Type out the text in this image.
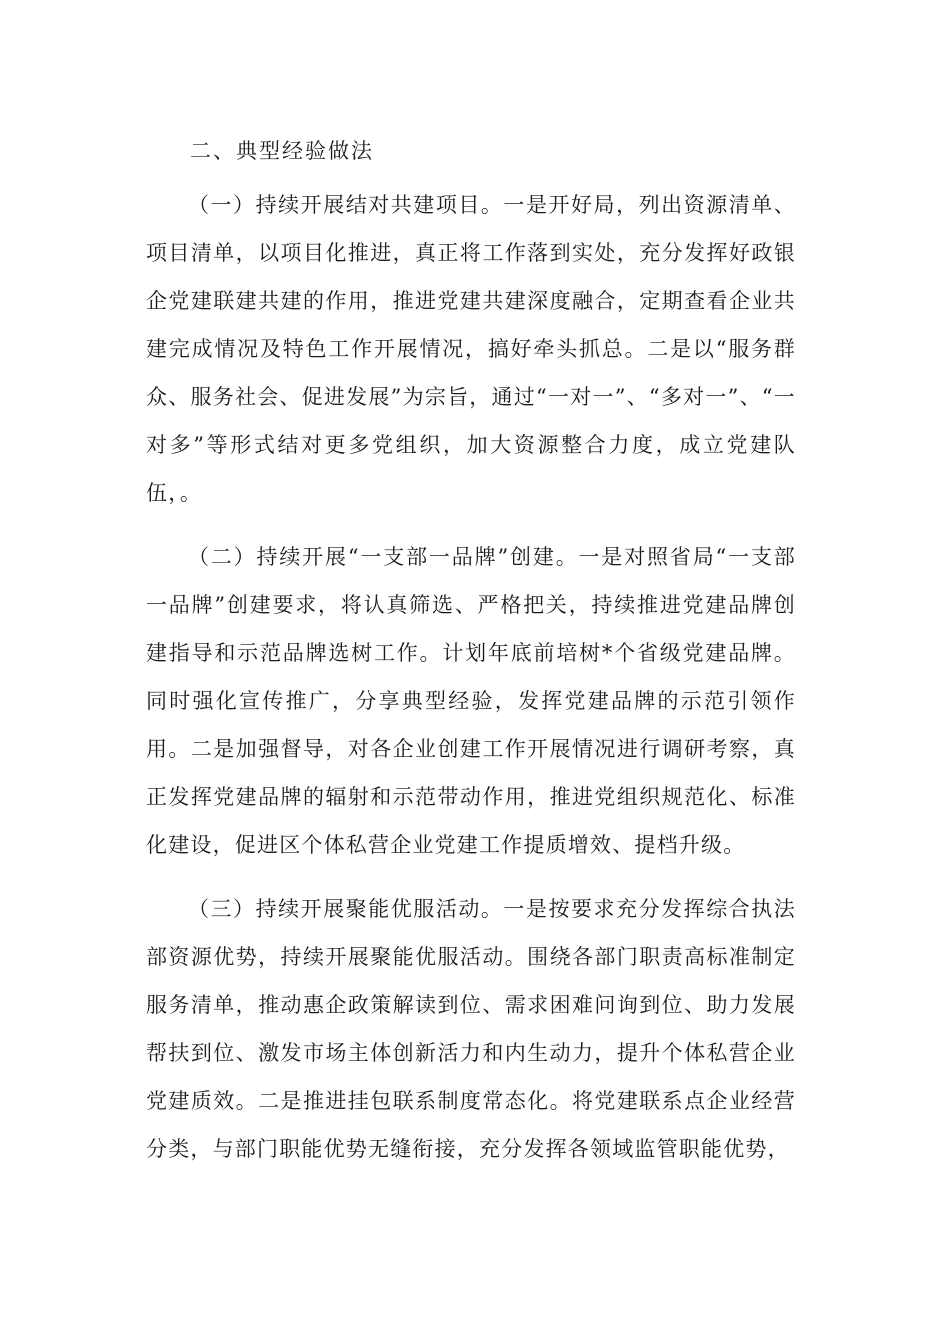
二、典型经验做法

（一）持续开展结对共建项目。一是开好局，列出资源清单、项目清单，以项目化推进，真正将工作落到实处，充分发挥好政银企党建联建共建的作用，推进党建共建深度融合，定期查看企业共建完成情况及特色工作开展情况，搞好牵头抓总。二是以“服务群众、服务社会、促进发展”为宗旨，通过“一对一”、“多对一”、“一对多”等形式结对更多党组织，加大资源整合力度，成立党建队伍，。

（二）持续开展“一支部一品牌”创建。一是对照省局“一支部一品牌”创建要求，将认真筛选、严格把关，持续推进党建品牌创建指导和示范品牌选树工作。计划年底前培树*个省级党建品牌。同时强化宣传推广，分享典型经验，发挥党建品牌的示范引领作用。二是加强督导，对各企业创建工作开展情况进行调研考察，真正发挥党建品牌的辐射和示范带动作用，推进党组织规范化、标准化建设，促进区个体私营企业党建工作提质增效、提档升级。

（三）持续开展聚能优服活动。一是按要求充分发挥综合执法部资源优势，持续开展聚能优服活动。围绕各部门职责高标准制定服务清单，推动惠企政策解读到位、需求困难问询到位、助力发展帮扶到位、激发市场主体创新活力和内生动力，提升个体私营企业党建质效。二是推进挂包联系制度常态化。将党建联系点企业经营分类，与部门职能优势无缝衔接，充分发挥各领域监管职能优势，
